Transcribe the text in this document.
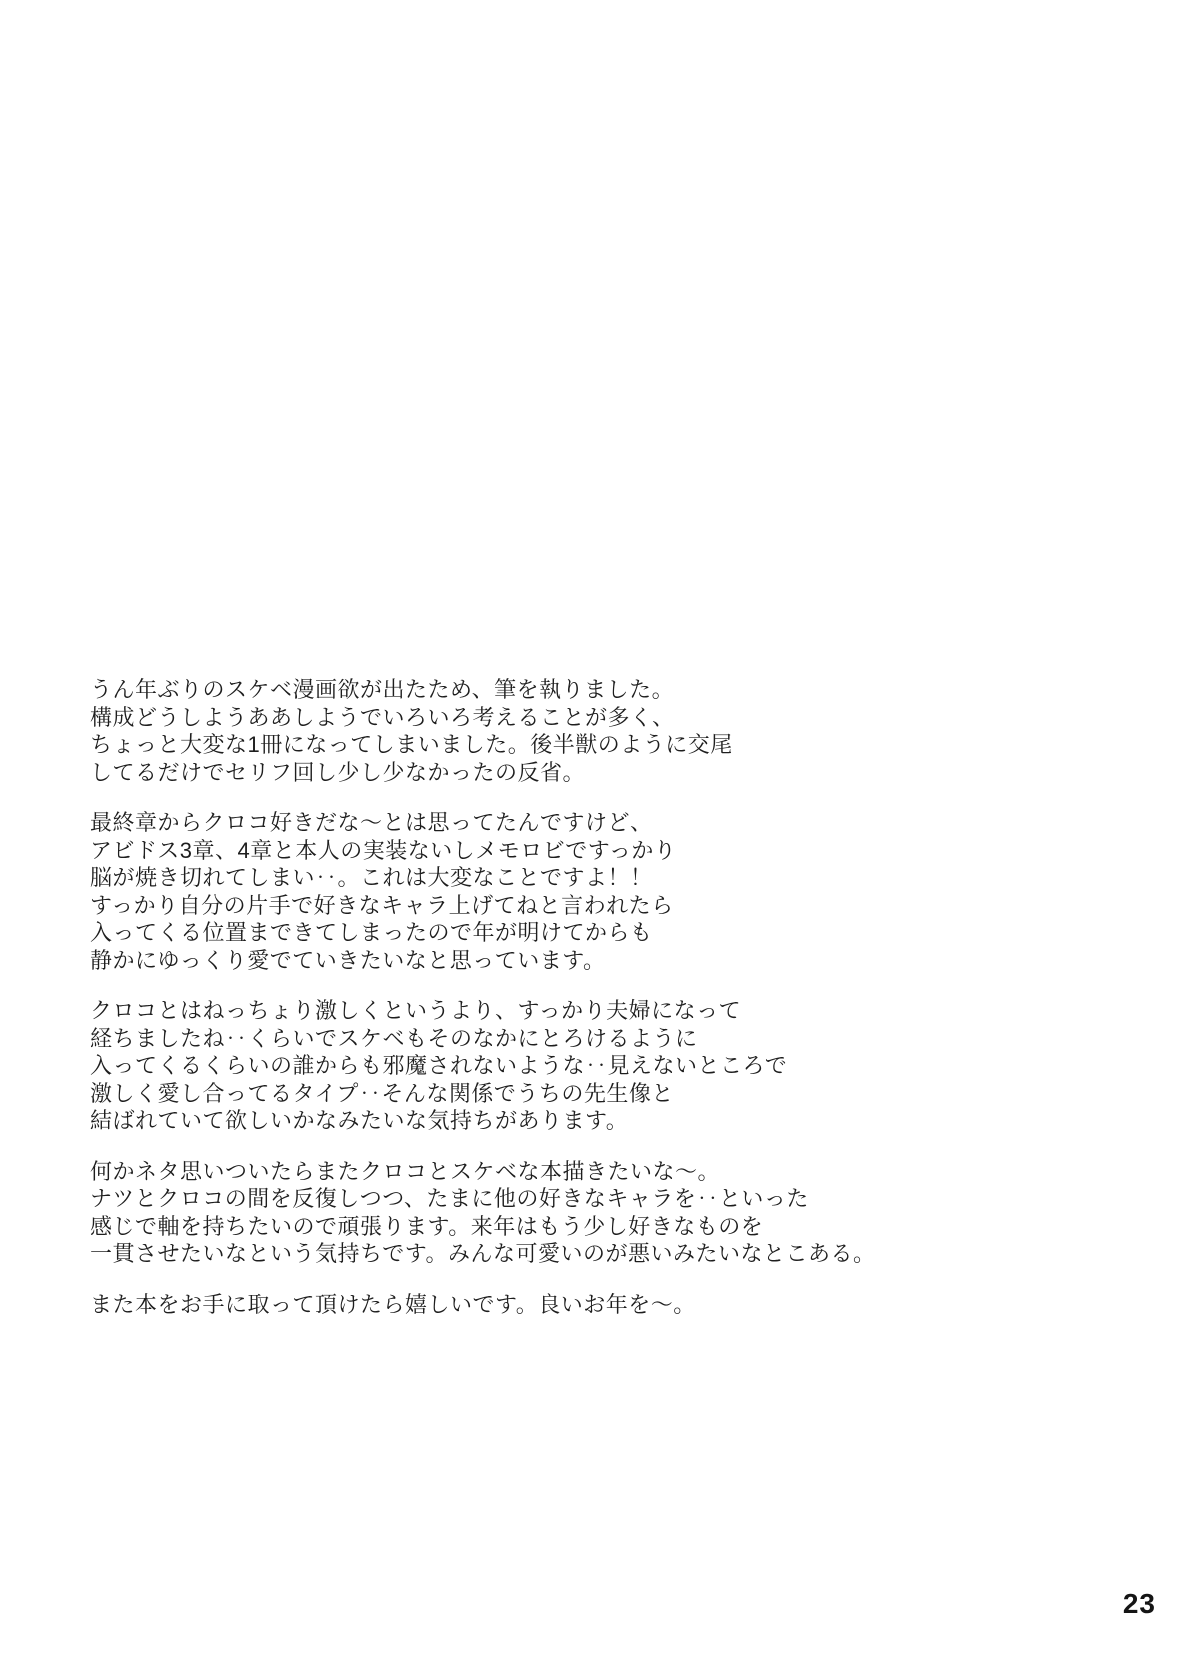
うん年ぶりのスケベ漫画欲が出たため、筆を執りました。

構成どうしようああしようでいろいろ考えることが多く、

ちょっと大変な1冊になってしまいました。後半獣のように交尾

してるだけでセリフ回し少し少なかったの反省。

最終章からクロコ好きだな～とは思ってたんですけど、

アビドス3章、4章と本人の実装ないしメモロビですっかり

脳が焼き切れてしまい‥。これは大変なことですよ！！

すっかり自分の片手で好きなキャラ上げてねと言われたら

入ってくる位置まできてしまったので年が明けてからも

静かにゆっくり愛でていきたいなと思っています。

クロコとはねっちょり激しくというより、すっかり夫婦になって

経ちましたね‥くらいでスケベもそのなかにとろけるように

入ってくるくらいの誰からも邪魔されないような‥見えないところで

激しく愛し合ってるタイプ‥そんな関係でうちの先生像と

結ばれていて欲しいかなみたいな気持ちがあります。

何かネタ思いついたらまたクロコとスケベな本描きたいな～。

ナツとクロコの間を反復しつつ、たまに他の好きなキャラを‥といった

感じで軸を持ちたいので頑張ります。来年はもう少し好きなものを

一貫させたいなという気持ちです。みんな可愛いのが悪いみたいなとこある。

また本をお手に取って頂けたら嬉しいです。良いお年を～。

23
